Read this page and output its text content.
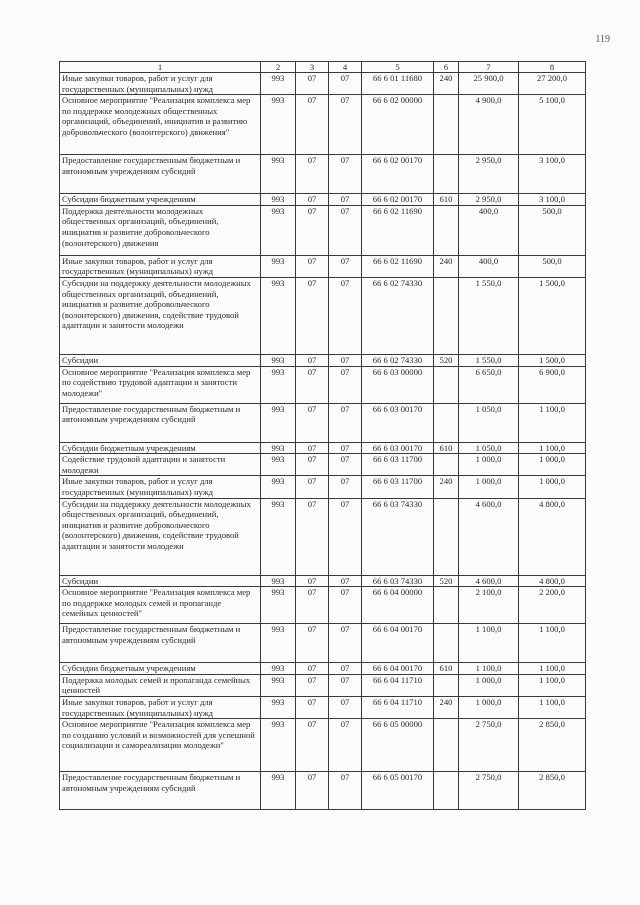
119
1	2	3	4	5	6	7	8
Иные закупки товаров, работ и услуг для государственных (муниципальных) нужд	993	07	07	66 6 01 11680	240	25 900,0	27 200,0
Основное мероприятие "Реализация комплекса мер по поддержке молодежных общественных организаций, объединений, инициатив и развитию добровольческого (волонтерского) движения"	993	07	07	66 6 02 00000		4 900,0	5 100,0
Предоставление государственным бюджетным и автономным учреждениям субсидий	993	07	07	66 6 02 00170		2 950,0	3 100,0
Субсидии бюджетным учреждениям	993	07	07	66 6 02 00170	610	2 950,0	3 100,0
Поддержка деятельности молодежных общественных организаций, объединений, инициатив и развитие добровольческого (волонтерского) движения	993	07	07	66 6 02 11690		400,0	500,0
Иные закупки товаров, работ и услуг для государственных (муниципальных) нужд	993	07	07	66 6 02 11690	240	400,0	500,0
Субсидии на поддержку деятельности молодежных общественных организаций, объединений, инициатив и развитие добровольческого (волонтерского) движения, содействие трудовой адаптации и занятости молодежи	993	07	07	66 6 02 74330		1 550,0	1 500,0
Субсидии	993	07	07	66 6 02 74330	520	1 550,0	1 500,0
Основное мероприятие "Реализация комплекса мер по содействию трудовой адаптации и занятости молодежи"	993	07	07	66 6 03 00000		6 650,0	6 900,0
Предоставление государственным бюджетным и автономным учреждениям субсидий	993	07	07	66 6 03 00170		1 050,0	1 100,0
Субсидии бюджетным учреждениям	993	07	07	66 6 03 00170	610	1 050,0	1 100,0
Содействие трудовой адаптации и занятости молодежи	993	07	07	66 6 03 11700		1 000,0	1 000,0
Иные закупки товаров, работ и услуг для государственных (муниципальных) нужд	993	07	07	66 6 03 11700	240	1 000,0	1 000,0
Субсидии на поддержку деятельности молодежных общественных организаций, объединений, инициатив и развитие добровольческого (волонтерского) движения, содействие трудовой адаптации и занятости молодежи	993	07	07	66 6 03 74330		4 600,0	4 800,0
Субсидии	993	07	07	66 6 03 74330	520	4 600,0	4 800,0
Основное мероприятие "Реализация комплекса мер по поддержке молодых семей и пропаганде семейных ценностей"	993	07	07	66 6 04 00000		2 100,0	2 200,0
Предоставление государственным бюджетным и автономным учреждениям субсидий	993	07	07	66 6 04 00170		1 100,0	1 100,0
Субсидии бюджетным учреждениям	993	07	07	66 6 04 00170	610	1 100,0	1 100,0
Поддержка молодых семей и пропаганда семейных ценностей	993	07	07	66 6 04 11710		1 000,0	1 100,0
Иные закупки товаров, работ и услуг для государственных (муниципальных) нужд	993	07	07	66 6 04 11710	240	1 000,0	1 100,0
Основное мероприятие "Реализация комплекса мер по созданию условий и возможностей для успешной социализации и самореализации молодежи"	993	07	07	66 6 05 00000		2 750,0	2 850,0
Предоставление государственным бюджетным и автономным учреждениям субсидий	993	07	07	66 6 05 00170		2 750,0	2 850,0
